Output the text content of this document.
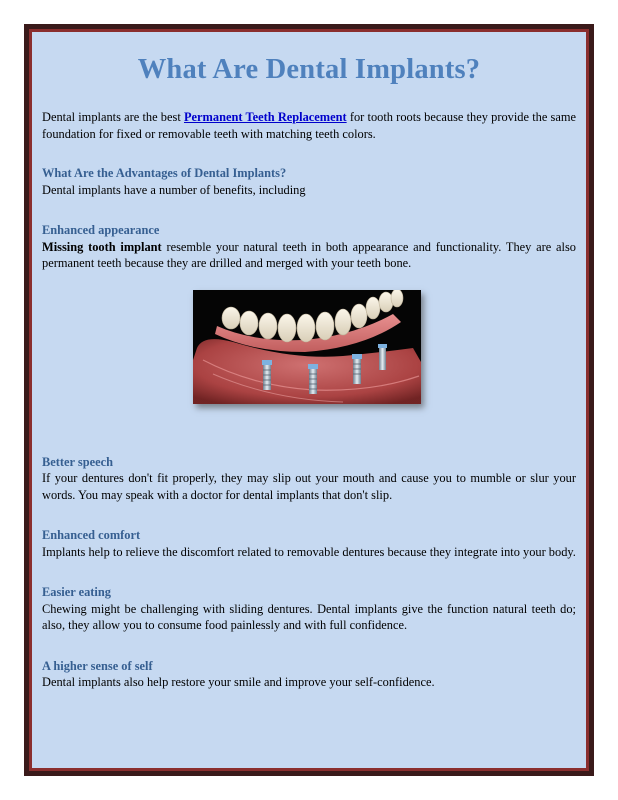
What Are Dental Implants?

Dental implants are the best Permanent Teeth Replacement for tooth roots because they provide the same foundation for fixed or removable teeth with matching teeth colors.

What Are the Advantages of Dental Implants?

Dental implants have a number of benefits, including

Enhanced appearance

Missing tooth implant resemble your natural teeth in both appearance and functionality. They are also permanent teeth because they are drilled and merged with your teeth bone.

Better speech

If your dentures don't fit properly, they may slip out your mouth and cause you to mumble or slur your words. You may speak with a doctor for dental implants that don't slip.

Enhanced comfort

Implants help to relieve the discomfort related to removable dentures because they integrate into your body.

Easier eating

Chewing might be challenging with sliding dentures. Dental implants give the function natural teeth do; also, they allow you to consume food painlessly and with full confidence.

A higher sense of self

Dental implants also help restore your smile and improve your self-confidence.
